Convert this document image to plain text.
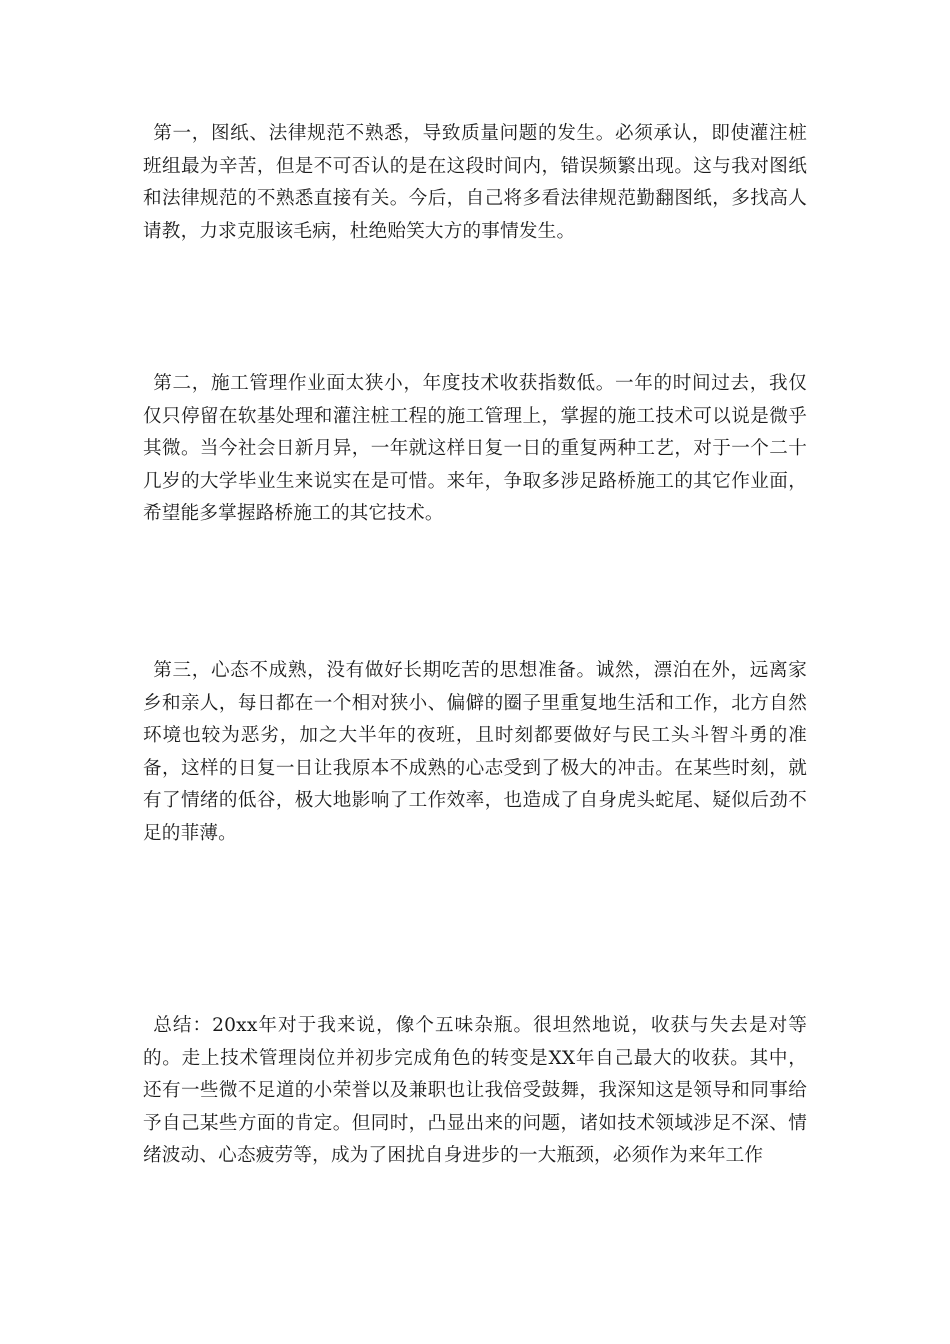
第一，图纸、法律规范不熟悉，导致质量问题的发生。必须承认，即使灌注桩班组最为辛苦，但是不可否认的是在这段时间内，错误频繁出现。这与我对图纸和法律规范的不熟悉直接有关。今后，自己将多看法律规范勤翻图纸，多找高人请教，力求克服该毛病，杜绝贻笑大方的事情发生。

第二，施工管理作业面太狭小，年度技术收获指数低。一年的时间过去，我仅仅只停留在软基处理和灌注桩工程的施工管理上，掌握的施工技术可以说是微乎其微。当今社会日新月异，一年就这样日复一日的重复两种工艺，对于一个二十几岁的大学毕业生来说实在是可惜。来年，争取多涉足路桥施工的其它作业面，希望能多掌握路桥施工的其它技术。

第三，心态不成熟，没有做好长期吃苦的思想准备。诚然，漂泊在外，远离家乡和亲人，每日都在一个相对狭小、偏僻的圈子里重复地生活和工作，北方自然环境也较为恶劣，加之大半年的夜班，且时刻都要做好与民工头斗智斗勇的准备，这样的日复一日让我原本不成熟的心志受到了极大的冲击。在某些时刻，就有了情绪的低谷，极大地影响了工作效率，也造成了自身虎头蛇尾、疑似后劲不足的菲薄。

总结：20xx年对于我来说，像个五味杂瓶。很坦然地说，收获与失去是对等的。走上技术管理岗位并初步完成角色的转变是XX年自己最大的收获。其中，还有一些微不足道的小荣誉以及兼职也让我倍受鼓舞，我深知这是领导和同事给予自己某些方面的肯定。但同时，凸显出来的问题，诸如技术领域涉足不深、情绪波动、心态疲劳等，成为了困扰自身进步的一大瓶颈，必须作为来年工作
